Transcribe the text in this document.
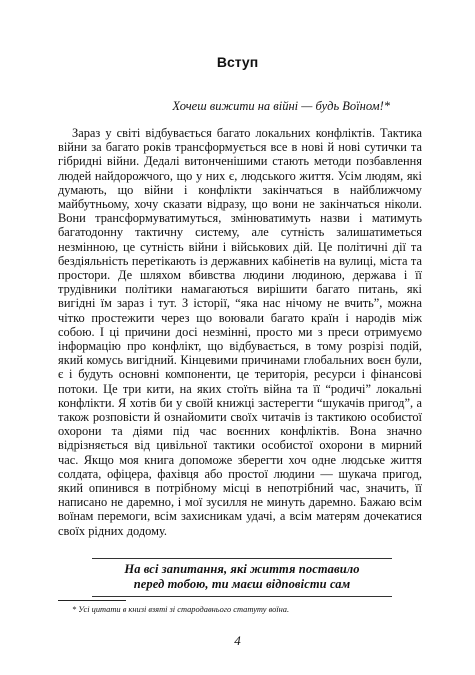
Вступ

Хочеш вижити на війні — будь Воїном!*

Зараз у світі відбувається багато локальних конфліктів. Тактика війни за багато років трансформується все в нові й нові сутички та гібридні війни. Дедалі витонченішими стають методи позбавлення людей найдорожчого, що у них є, людського життя. Усім людям, які думають, що війни і конфлікти закінчаться в найближчому майбутньому, хочу сказати відразу, що вони не закінчаться ніколи. Вони трансформуватимуться, змінюватимуть назви і матимуть багатодонну тактичну систему, але сутність залишатиметься незмінною, це сутність війни і військових дій. Це політичні дії та бездіяльність перетікають із державних кабінетів на вулиці, міста та простори. Де шляхом вбивства людини людиною, держава і її трудівники політики намагаються вирішити багато питань, які вигідні їм зараз і тут. З історії, “яка нас нічому не вчить”, можна чітко простежити через що воювали багато країн і народів між собою. І ці причини досі незмінні, просто ми з преси отримуємо інформацію про конфлікт, що відбувається, в тому розрізі подій, який комусь вигідний. Кінцевими причинами глобальних воєн були, є і будуть основні компоненти, це територія, ресурси і фінансові потоки. Це три кити, на яких стоїть війна та її “родичі” локальні конфлікти. Я хотів би у своїй книжці застерегти “шукачів пригод”, а також розповісти й ознайомити своїх читачів із тактикою особистої охорони та діями під час воєнних конфліктів. Вона значно відрізняється від цивільної тактики особистої охорони в мирний час. Якщо моя книга допоможе зберегти хоч одне людське життя солдата, офіцера, фахівця або простої людини — шукача пригод, який опинився в потрібному місці в непотрібний час, значить, її написано не даремно, і мої зусилля не минуть даремно. Бажаю всім воїнам перемоги, всім захисникам удачі, а всім матерям дочекатися своїх рідних додому.

На всі запитання, які життя поставило
перед тобою, ти маєш відповісти сам

* Усі цитати в книзі взяті зі стародавнього статуту воїна.

4
